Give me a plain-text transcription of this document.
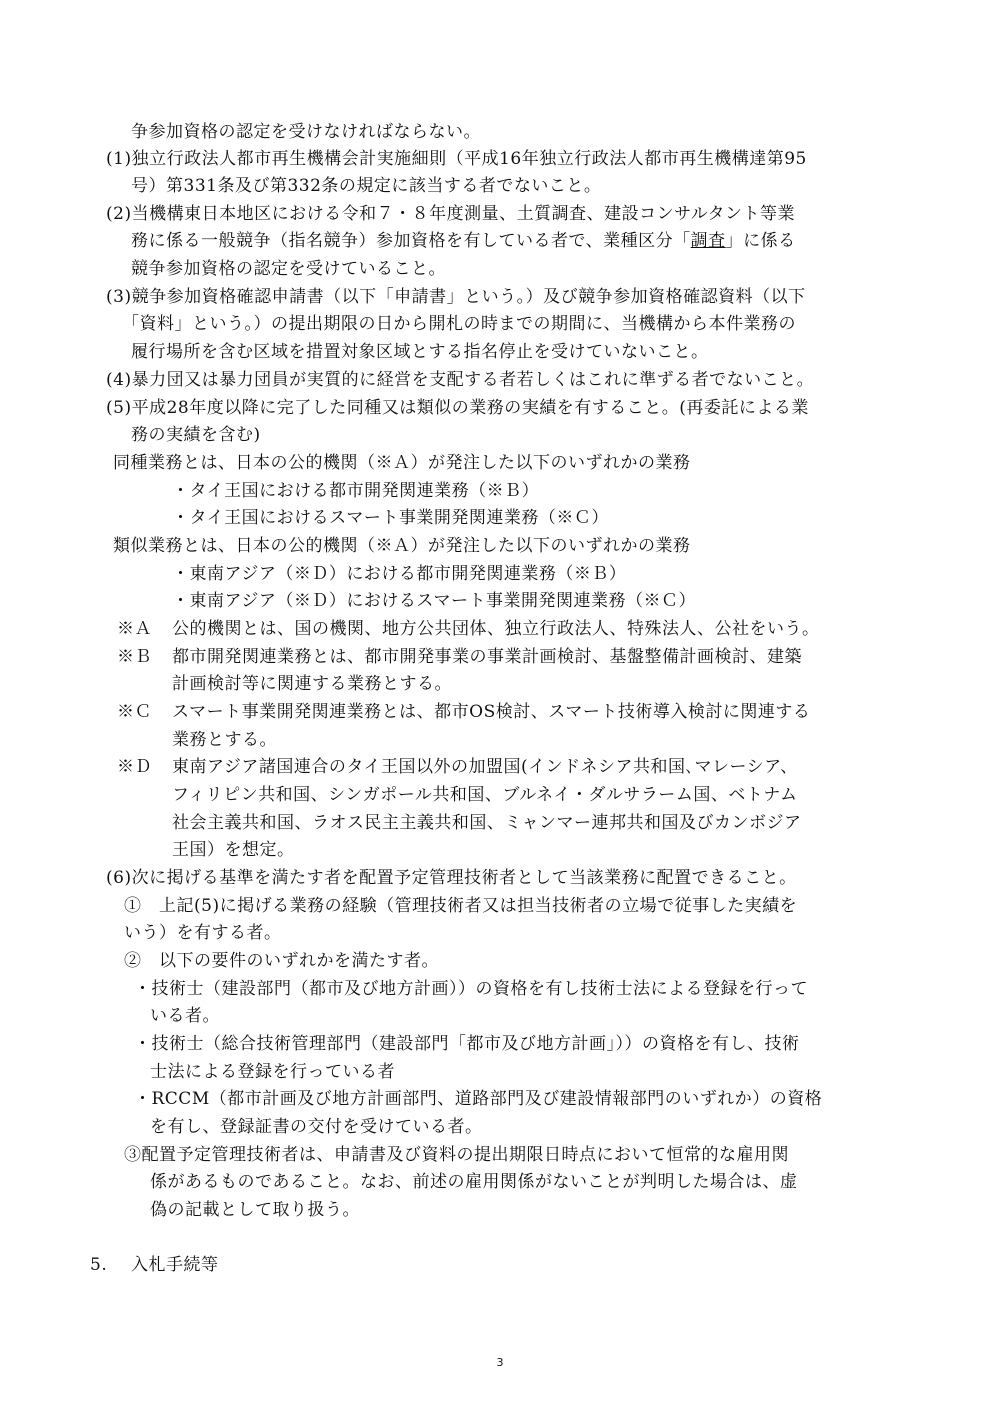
争参加資格の認定を受けなければならない。
(1)独立行政法人都市再生機構会計実施細則（平成16年独立行政法人都市再生機構達第95
号）第331条及び第332条の規定に該当する者でないこと。
(2)当機構東日本地区における令和７・８年度測量、土質調査、建設コンサルタント等業
務に係る一般競争（指名競争）参加資格を有している者で、業種区分「調査」に係る
競争参加資格の認定を受けていること。
(3)競争参加資格確認申請書（以下「申請書」という。）及び競争参加資格確認資料（以下
「資料」という。）の提出期限の日から開札の時までの期間に、当機構から本件業務の
履行場所を含む区域を措置対象区域とする指名停止を受けていないこと。
(4)暴力団又は暴力団員が実質的に経営を支配する者若しくはこれに準ずる者でないこと。
(5)平成28年度以降に完了した同種又は類似の業務の実績を有すること。(再委託による業
務の実績を含む)
同種業務とは、日本の公的機関（※Ａ）が発注した以下のいずれかの業務
・タイ王国における都市開発関連業務（※Ｂ）
・タイ王国におけるスマート事業開発関連業務（※Ｃ）
類似業務とは、日本の公的機関（※Ａ）が発注した以下のいずれかの業務
・東南アジア（※Ｄ）における都市開発関連業務（※Ｂ）
・東南アジア（※Ｄ）におけるスマート事業開発関連業務（※Ｃ）
※Ａ 公的機関とは、国の機関、地方公共団体、独立行政法人、特殊法人、公社をいう。
※Ｂ 都市開発関連業務とは、都市開発事業の事業計画検討、基盤整備計画検討、建築
計画検討等に関連する業務とする。
※Ｃ スマート事業開発関連業務とは、都市OS検討、スマート技術導入検討に関連する
業務とする。
※Ｄ 東南アジア諸国連合のタイ王国以外の加盟国(インドネシア共和国､マレーシア、
フィリピン共和国、シンガポール共和国、ブルネイ・ダルサラーム国、ベトナム
社会主義共和国、ラオス民主主義共和国、ミャンマー連邦共和国及びカンボジア
王国）を想定。
(6)次に掲げる基準を満たす者を配置予定管理技術者として当該業務に配置できること。
①　上記(5)に掲げる業務の経験（管理技術者又は担当技術者の立場で従事した実績を
いう）を有する者。
②　以下の要件のいずれかを満たす者。
・技術士（建設部門（都市及び地方計画））の資格を有し技術士法による登録を行って
いる者。
・技術士（総合技術管理部門（建設部門「都市及び地方計画」））の資格を有し、技術
士法による登録を行っている者
・RCCM（都市計画及び地方計画部門、道路部門及び建設情報部門のいずれか）の資格
を有し、登録証書の交付を受けている者。
③配置予定管理技術者は、申請書及び資料の提出期限日時点において恒常的な雇用関
係があるものであること。なお、前述の雇用関係がないことが判明した場合は、虚
偽の記載として取り扱う。
5. 入札手続等
3
